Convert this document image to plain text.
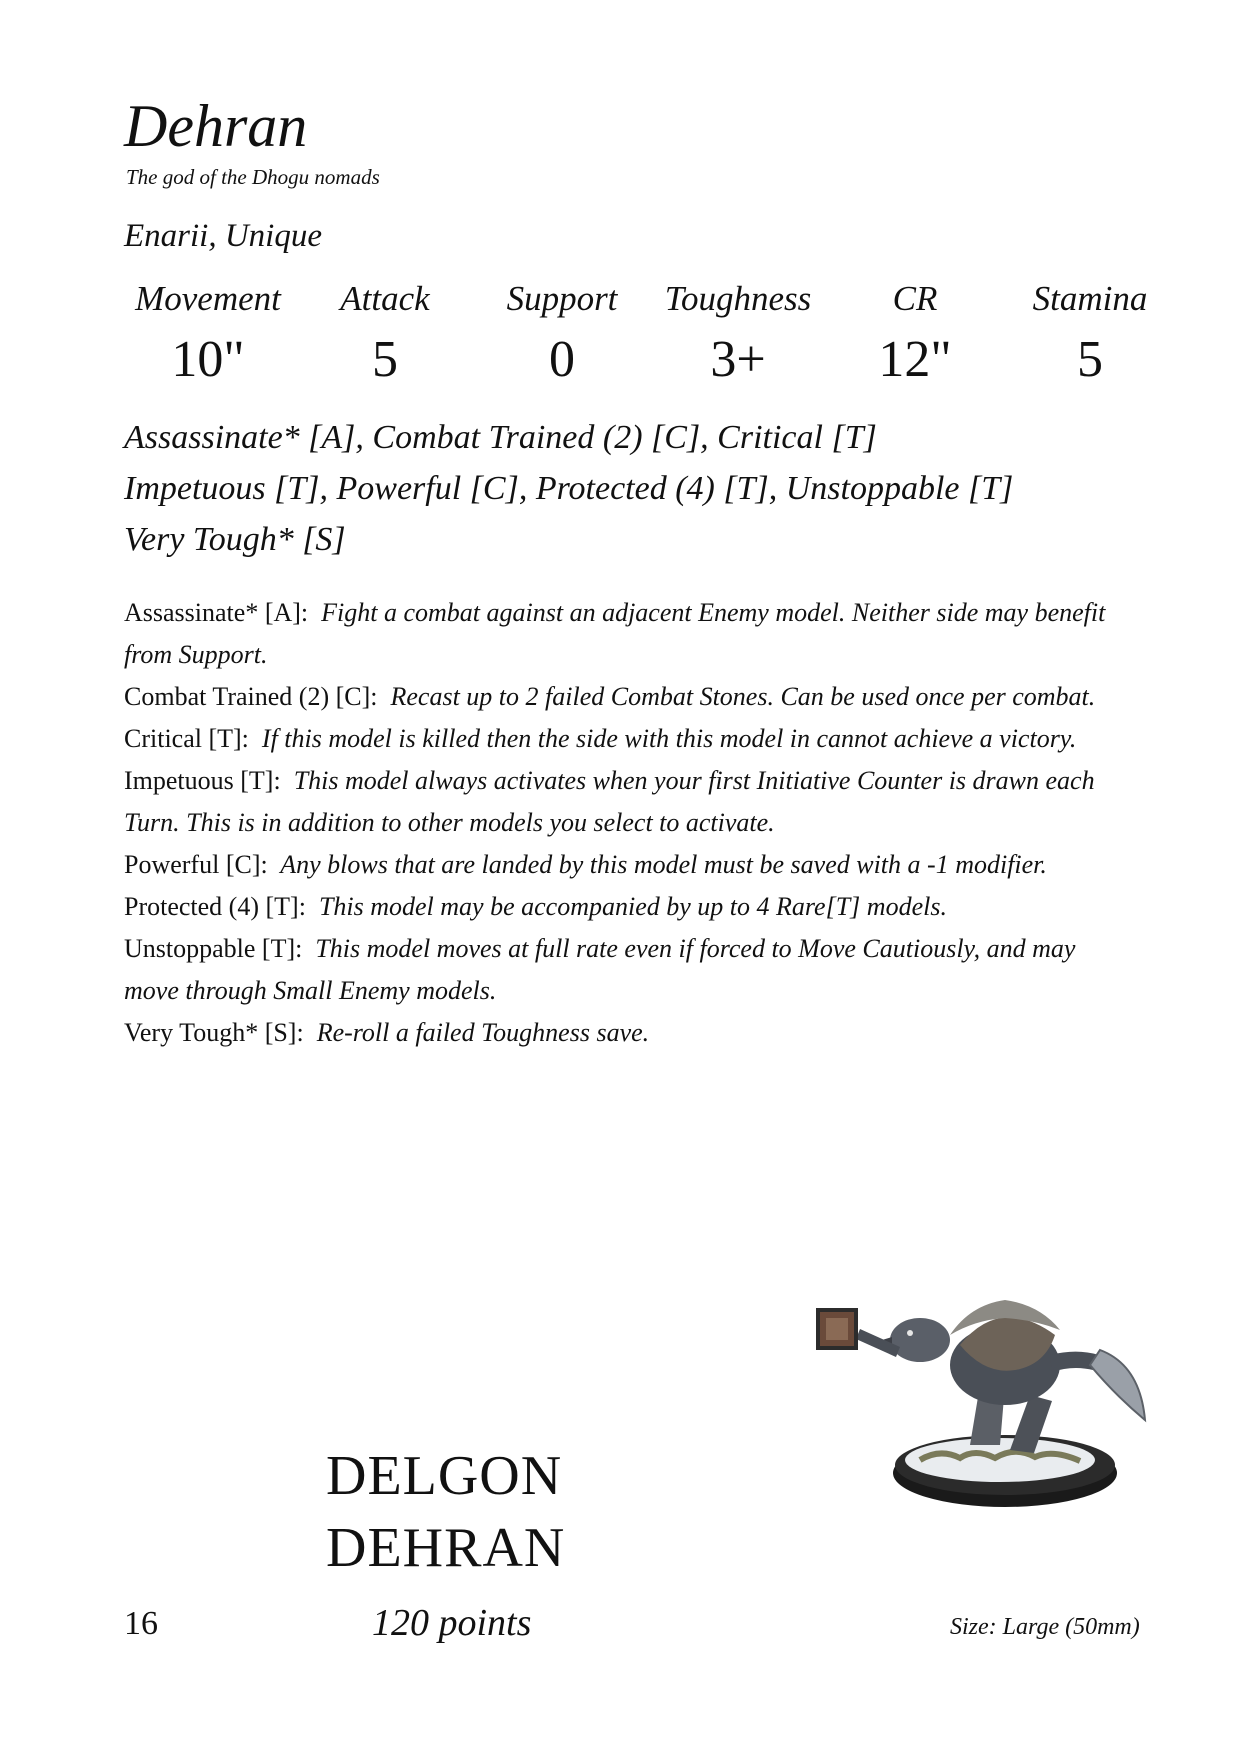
Dehran
The god of the Dhogu nomads
Enarii, Unique
Movement
10"
Attack
5
Support
0
Toughness
3+
CR
12"
Stamina
5
Assassinate* [A], Combat Trained (2) [C], Critical [T]
Impetuous [T], Powerful [C], Protected (4) [T], Unstoppable [T]
Very Tough* [S]

Assassinate* [A]: Fight a combat against an adjacent Enemy model. Neither side may benefit from Support.

Combat Trained (2) [C]: Recast up to 2 failed Combat Stones. Can be used once per combat.

Critical [T]: If this model is killed then the side with this model in cannot achieve a victory.

Impetuous [T]: This model always activates when your first Initiative Counter is drawn each Turn. This is in addition to other models you select to activate.

Powerful [C]: Any blows that are landed by this model must be saved with a -1 modifier.

Protected (4) [T]: This model may be accompanied by up to 4 Rare[T] models.

Unstoppable [T]: This model moves at full rate even if forced to Move Cautiously, and may move through Small Enemy models.

Very Tough* [S]: Re-roll a failed Toughness save.

DELGON
DEHRAN
16	120 points	Size: Large (50mm)
